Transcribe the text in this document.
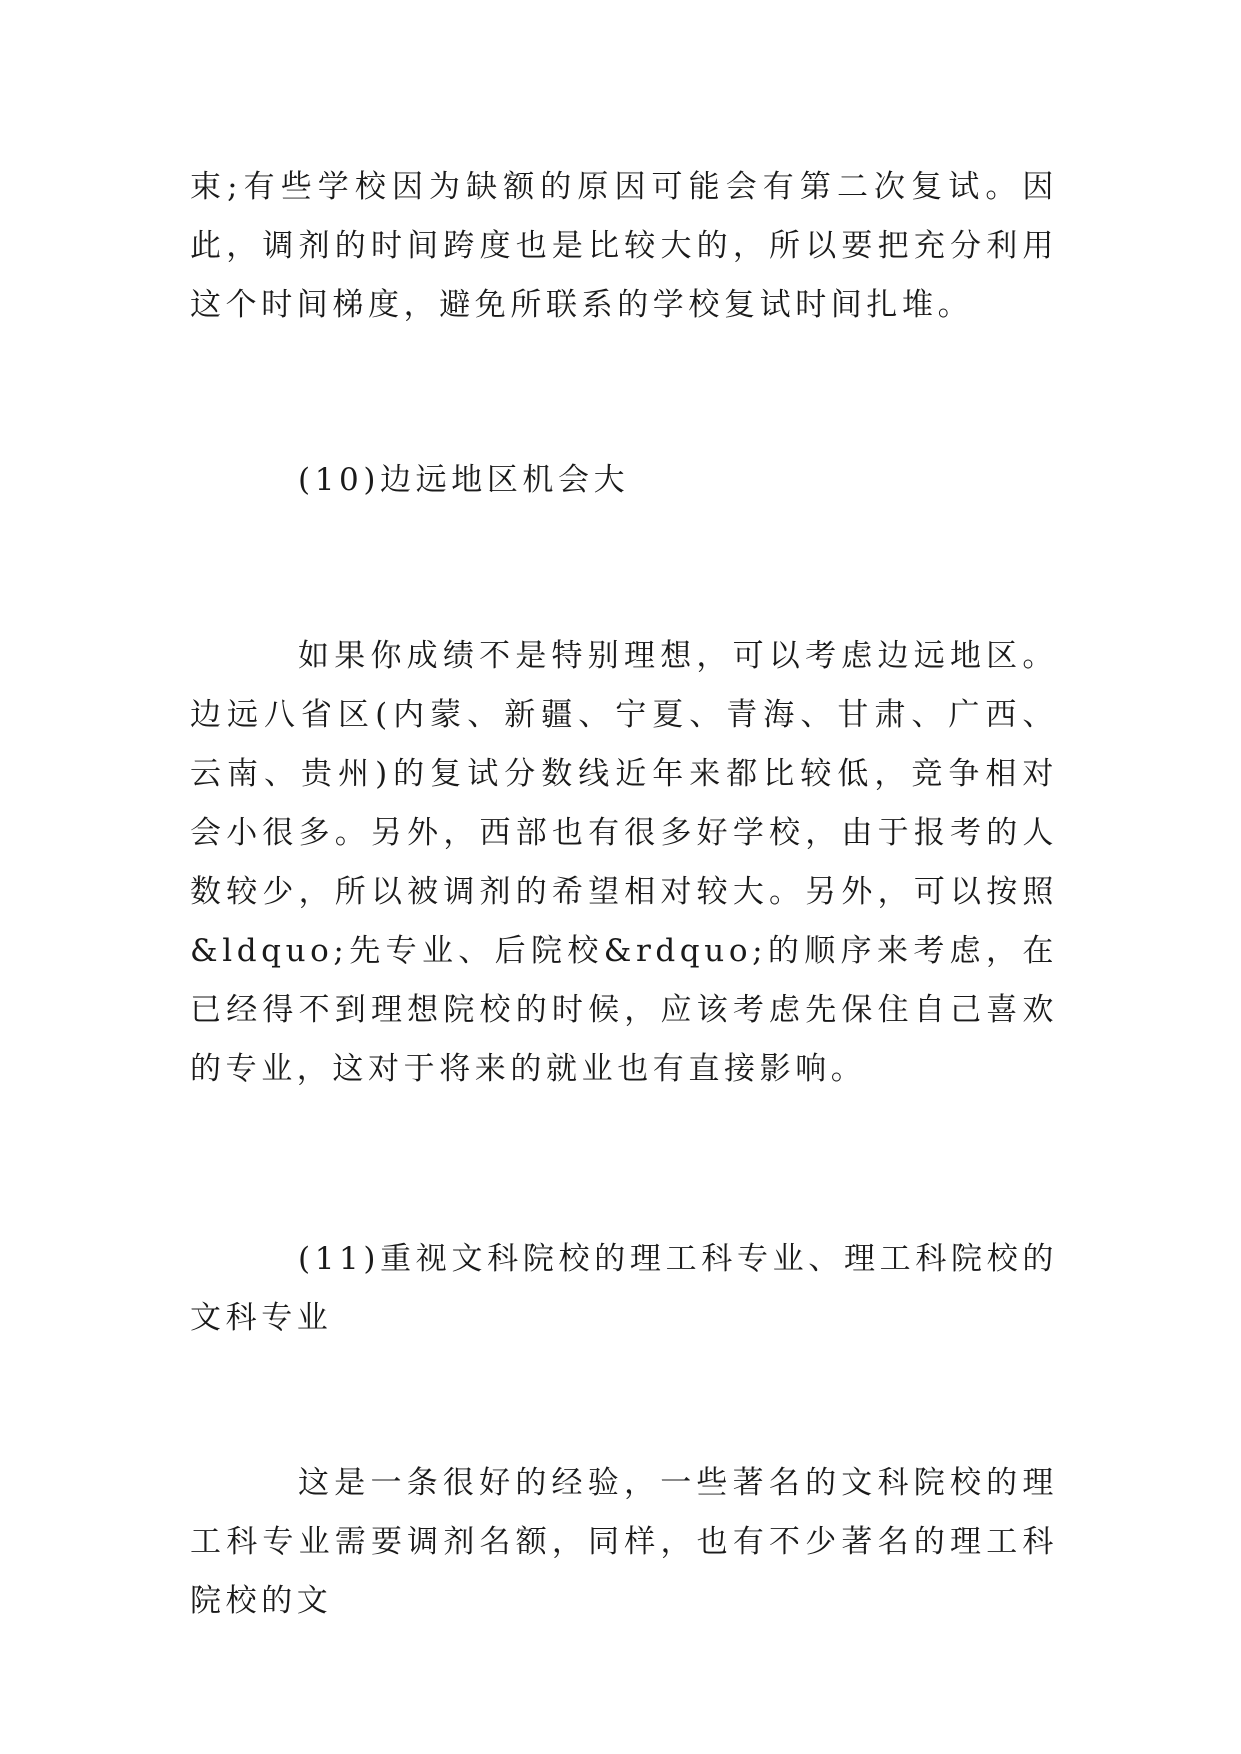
束;有些学校因为缺额的原因可能会有第二次复试。因此，调剂的时间跨度也是比较大的，所以要把充分利用这个时间梯度，避免所联系的学校复试时间扎堆。

(10)边远地区机会大

如果你成绩不是特别理想，可以考虑边远地区。边远八省区(内蒙、新疆、宁夏、青海、甘肃、广西、云南、贵州)的复试分数线近年来都比较低，竞争相对会小很多。另外，西部也有很多好学校，由于报考的人数较少，所以被调剂的希望相对较大。另外，可以按照&ldquo;先专业、后院校&rdquo;的顺序来考虑，在已经得不到理想院校的时候，应该考虑先保住自己喜欢的专业，这对于将来的就业也有直接影响。

(11)重视文科院校的理工科专业、理工科院校的文科专业

这是一条很好的经验，一些著名的文科院校的理工科专业需要调剂名额，同样，也有不少著名的理工科院校的文
